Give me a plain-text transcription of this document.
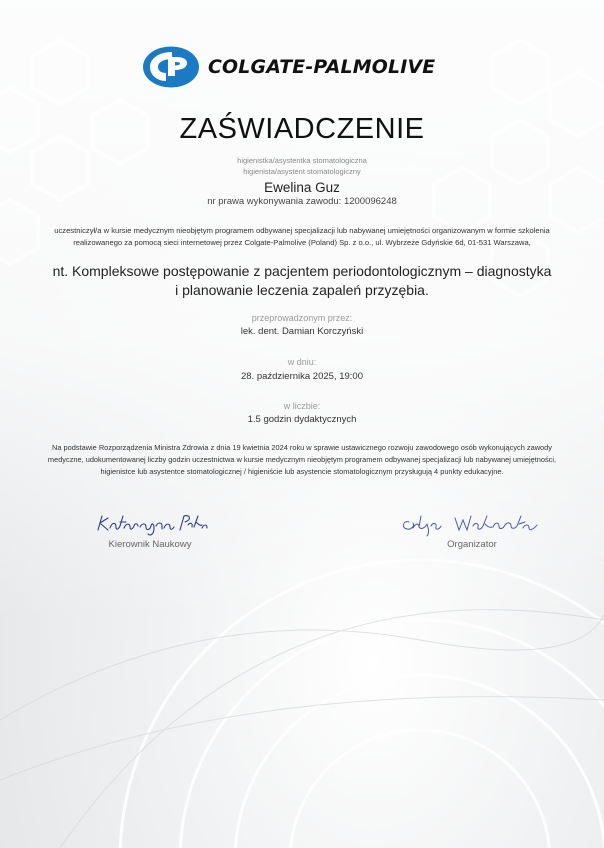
COLGATE-PALMOLIVE
ZAŚWIADCZENIE
higienistka/asystentka stomatologiczna
higienista/asystent stomatologiczny
Ewelina Guz
nr prawa wykonywania zawodu: 1200096248
uczestniczył/a w kursie medycznym nieobjętym programem odbywanej specjalizacji lub nabywanej umiejętności organizowanym w formie szkolenia realizowanego za pomocą sieci internetowej przez Colgate-Palmolive (Poland) Sp. z o.o., ul. Wybrzeże Gdyńskie 6d, 01-531 Warszawa,
nt. Kompleksowe postępowanie z pacjentem periodontologicznym – diagnostyka i planowanie leczenia zapaleń przyzębia.
przeprowadzonym przez:
lek. dent. Damian Korczyński
w dniu:
28. października 2025, 19:00
w liczbie:
1.5 godzin dydaktycznych
Na podstawie Rozporządzenia Ministra Zdrowia z dnia 19 kwietnia 2024 roku w sprawie ustawicznego rozwoju zawodowego osób wykonujących zawody medyczne, udokumentowanej liczby godzin uczestnictwa w kursie medycznym nieobjętym programem odbywanej specjalizacji lub nabywanej umiejętności, higienistce lub asystentce stomatologicznej / higieniście lub asystencie stomatologicznym przysługują 4 punkty edukacyjne.
Kierownik Naukowy	Organizator
